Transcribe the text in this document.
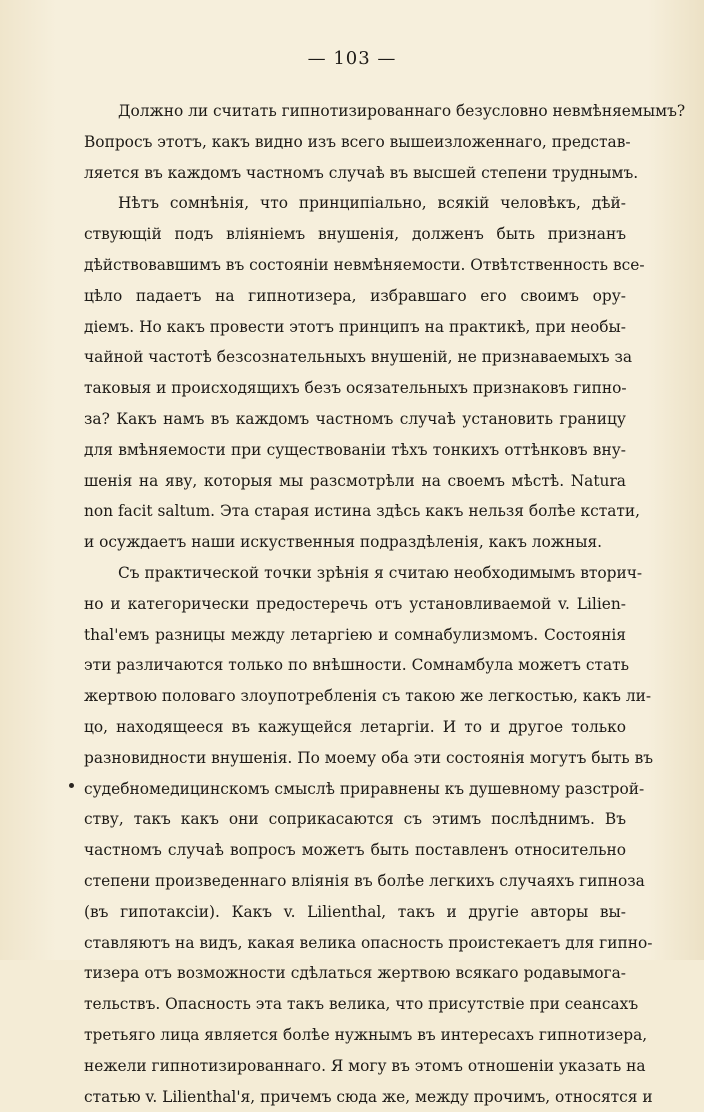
— 103 —
Должно ли считать гипнотизированнаго безусловно невмѣняемымъ?
Вопросъ этотъ, какъ видно изъ всего вышеизложеннаго, представ-
ляется въ каждомъ частномъ случаѣ въ высшей степени труднымъ.
Нѣтъ сомнѣнія, что принципіально, всякій человѣкъ, дѣй-
ствующій подъ вліяніемъ внушенія, долженъ быть признанъ
дѣйствовавшимъ въ состояніи невмѣняемости. Отвѣтственность все-
цѣло падаетъ на гипнотизера, избравшаго его своимъ ору-
діемъ. Но какъ провести этотъ принципъ на практикѣ, при необы-
чайной частотѣ безсознательныхъ внушеній, не признаваемыхъ за
таковыя и происходящихъ безъ осязательныхъ признаковъ гипно-
за? Какъ намъ въ каждомъ частномъ случаѣ установить границу
для вмѣняемости при существованіи тѣхъ тонкихъ оттѣнковъ вну-
шенія на яву, которыя мы разсмотрѣли на своемъ мѣстѣ. Natura
non facit saltum. Эта старая истина здѣсь какъ нельзя болѣе кстати,
и осуждаетъ наши искуственныя подраздѣленія, какъ ложныя.
Съ практической точки зрѣнія я считаю необходимымъ вторич-
но и категорически предостеречь отъ установливаемой v. Lilien-
thal'емъ разницы между летаргіею и сомнабулизмомъ. Состоянія
эти различаются только по внѣшности. Сомнамбула можетъ стать
жертвою половаго злоупотребленія съ такою же легкостью, какъ ли-
цо, находящееся въ кажущейся летаргіи. И то и другое только
разновидности внушенія. По моему оба эти состоянія могутъ быть въ
судебномедицинскомъ смыслѣ приравнены къ душевному разстрой-
ству, такъ какъ они соприкасаются съ этимъ послѣднимъ. Въ
частномъ случаѣ вопросъ можетъ быть поставленъ относительно
степени произведеннаго вліянія въ болѣе легкихъ случаяхъ гипноза
(въ гипотаксіи). Какъ v. Lilienthal, такъ и другіе авторы вы-
ставляютъ на видъ, какая велика опасность проистекаетъ для гипно-
тизера отъ возможности сдѣлаться жертвою всякаго родавымога-
тельствъ. Опасность эта такъ велика, что присутствіе при сеансахъ
третьяго лица является болѣе нужнымъ въ интересахъ гипнотизера,
нежели гипнотизированнаго. Я могу въ этомъ отношеніи указать на
статью v. Lilienthal'я, причемъ сюда же, между прочимъ, относятся и
